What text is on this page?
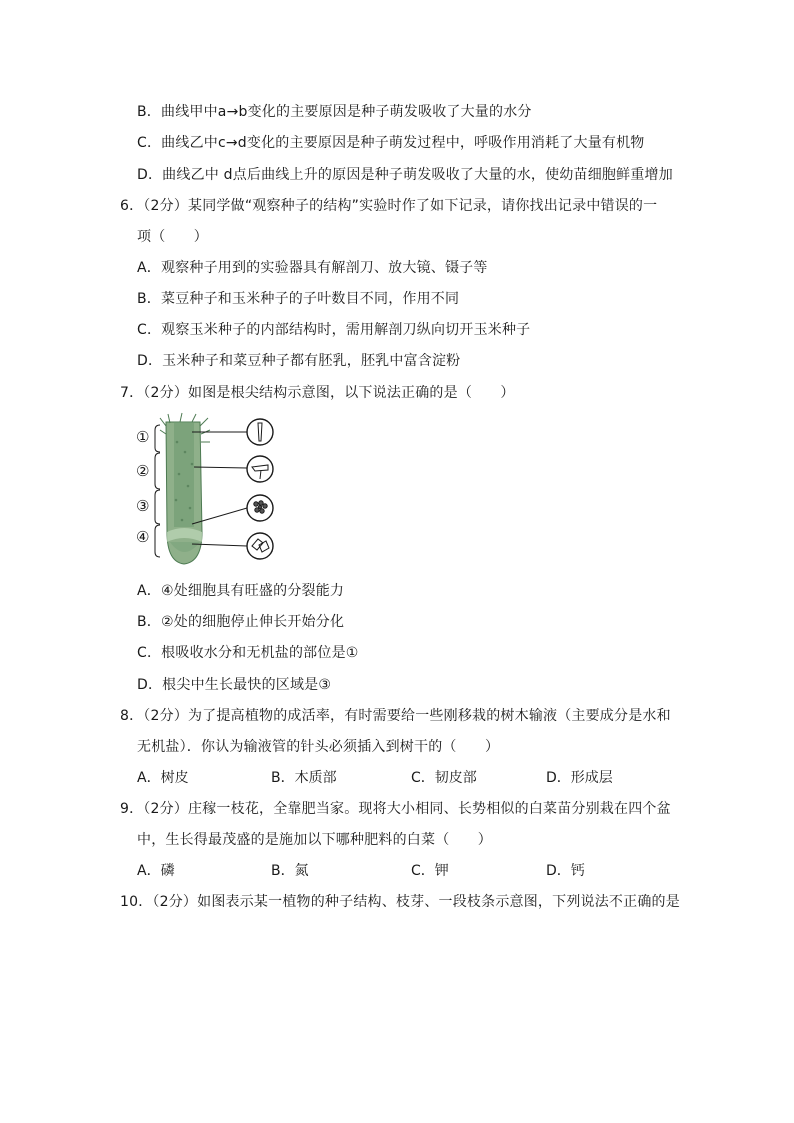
B．曲线甲中a→b变化的主要原因是种子萌发吸收了大量的水分
C．曲线乙中c→d变化的主要原因是种子萌发过程中，呼吸作用消耗了大量有机物
D．曲线乙中 d点后曲线上升的原因是种子萌发吸收了大量的水，使幼苗细胞鲜重增加
6．（2分）某同学做“观察种子的结构”实验时作了如下记录，请你找出记录中错误的一
项（　　）
A．观察种子用到的实验器具有解剖刀、放大镜、镊子等
B．菜豆种子和玉米种子的子叶数目不同，作用不同
C．观察玉米种子的内部结构时，需用解剖刀纵向切开玉米种子
D．玉米种子和菜豆种子都有胚乳，胚乳中富含淀粉
7．（2分）如图是根尖结构示意图，以下说法正确的是（　　）
①
②
③
④
A．④处细胞具有旺盛的分裂能力
B．②处的细胞停止伸长开始分化
C．根吸收水分和无机盐的部位是①
D．根尖中生长最快的区域是③
8．（2分）为了提高植物的成活率，有时需要给一些刚移栽的树木输液（主要成分是水和
无机盐）．你认为输液管的针头必须插入到树干的（　　）
A．树皮	B．木质部	C．韧皮部	D．形成层
9．（2分）庄稼一枝花，全靠肥当家。现将大小相同、长势相似的白菜苗分别栽在四个盆
中，生长得最茂盛的是施加以下哪种肥料的白菜（　　）
A．磷	B．氮	C．钾	D．钙
10．（2分）如图表示某一植物的种子结构、枝芽、一段枝条示意图，下列说法不正确的是
